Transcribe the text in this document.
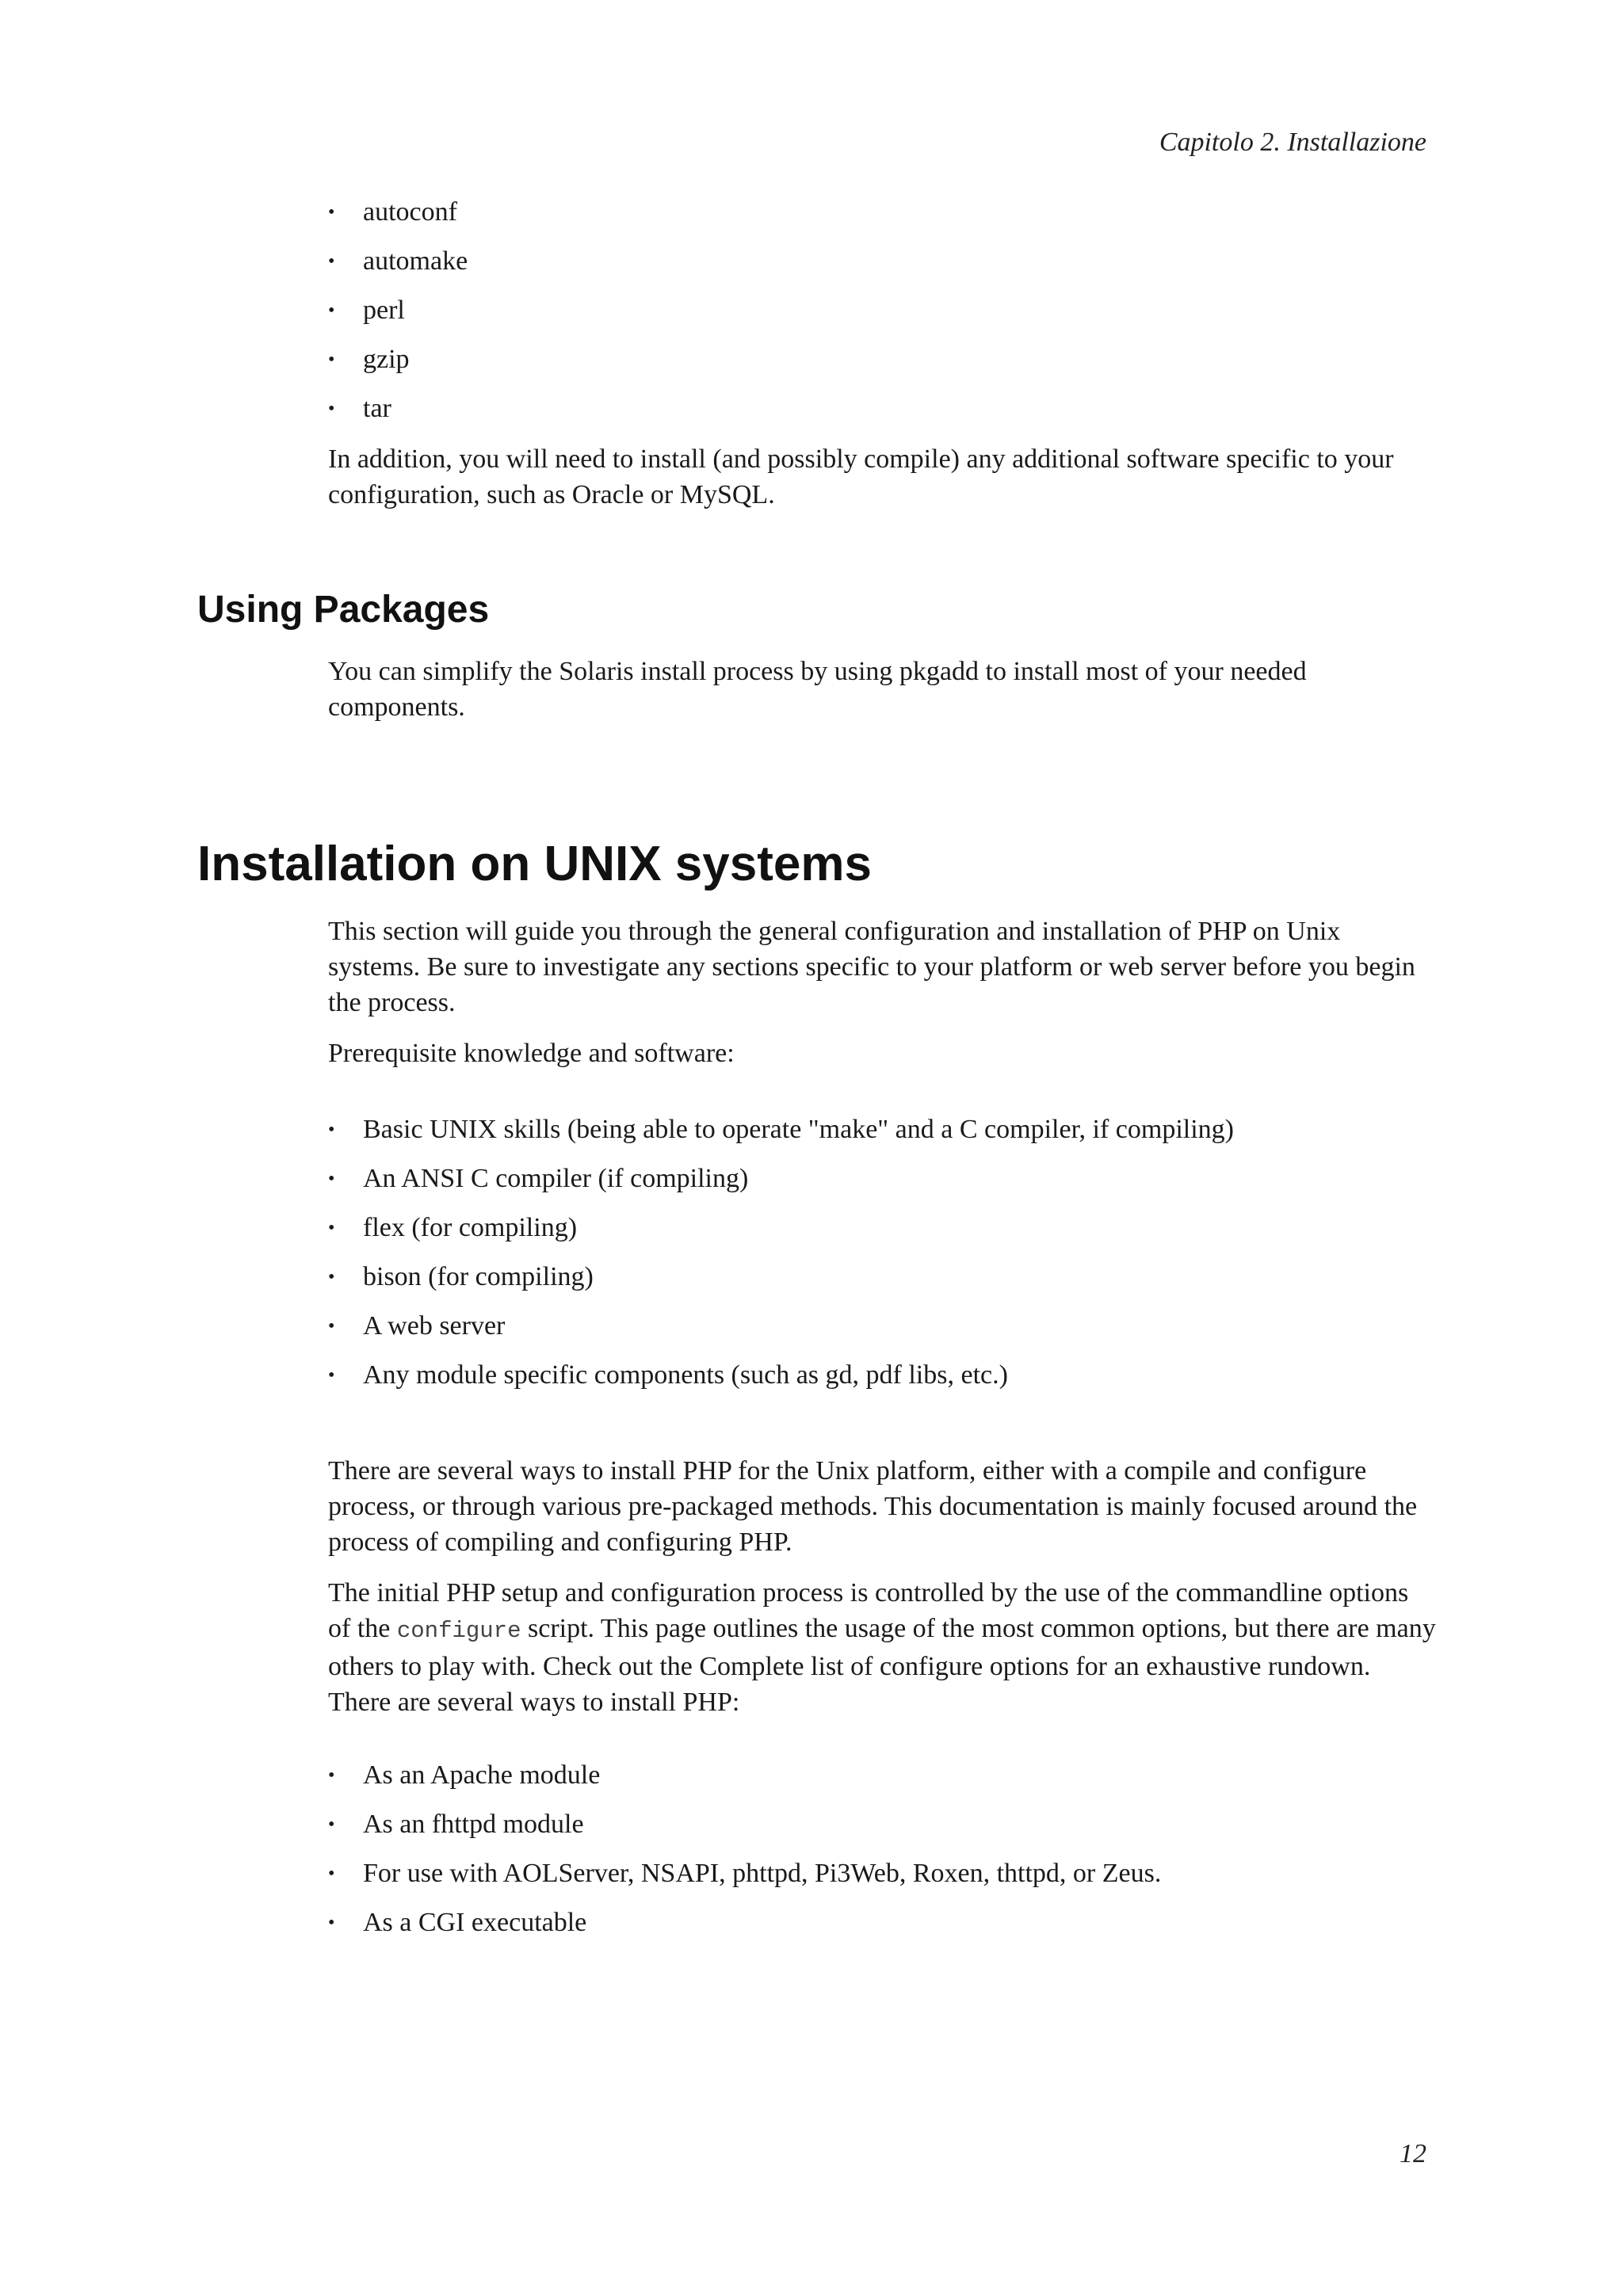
Capitolo 2. Installazione
• autoconf
• automake
• perl
• gzip
• tar

In addition, you will need to install (and possibly compile) any additional software specific to your configuration, such as Oracle or MySQL.

Using Packages

You can simplify the Solaris install process by using pkgadd to install most of your needed components.

Installation on UNIX systems

This section will guide you through the general configuration and installation of PHP on Unix systems. Be sure to investigate any sections specific to your platform or web server before you begin the process.

Prerequisite knowledge and software:

• Basic UNIX skills (being able to operate "make" and a C compiler, if compiling)
• An ANSI C compiler (if compiling)
• flex (for compiling)
• bison (for compiling)
• A web server
• Any module specific components (such as gd, pdf libs, etc.)

There are several ways to install PHP for the Unix platform, either with a compile and configure process, or through various pre-packaged methods. This documentation is mainly focused around the process of compiling and configuring PHP.

The initial PHP setup and configuration process is controlled by the use of the commandline options of the configure script. This page outlines the usage of the most common options, but there are many others to play with. Check out the Complete list of configure options for an exhaustive rundown. There are several ways to install PHP:

• As an Apache module
• As an fhttpd module
• For use with AOLServer, NSAPI, phttpd, Pi3Web, Roxen, thttpd, or Zeus.
• As a CGI executable
12
